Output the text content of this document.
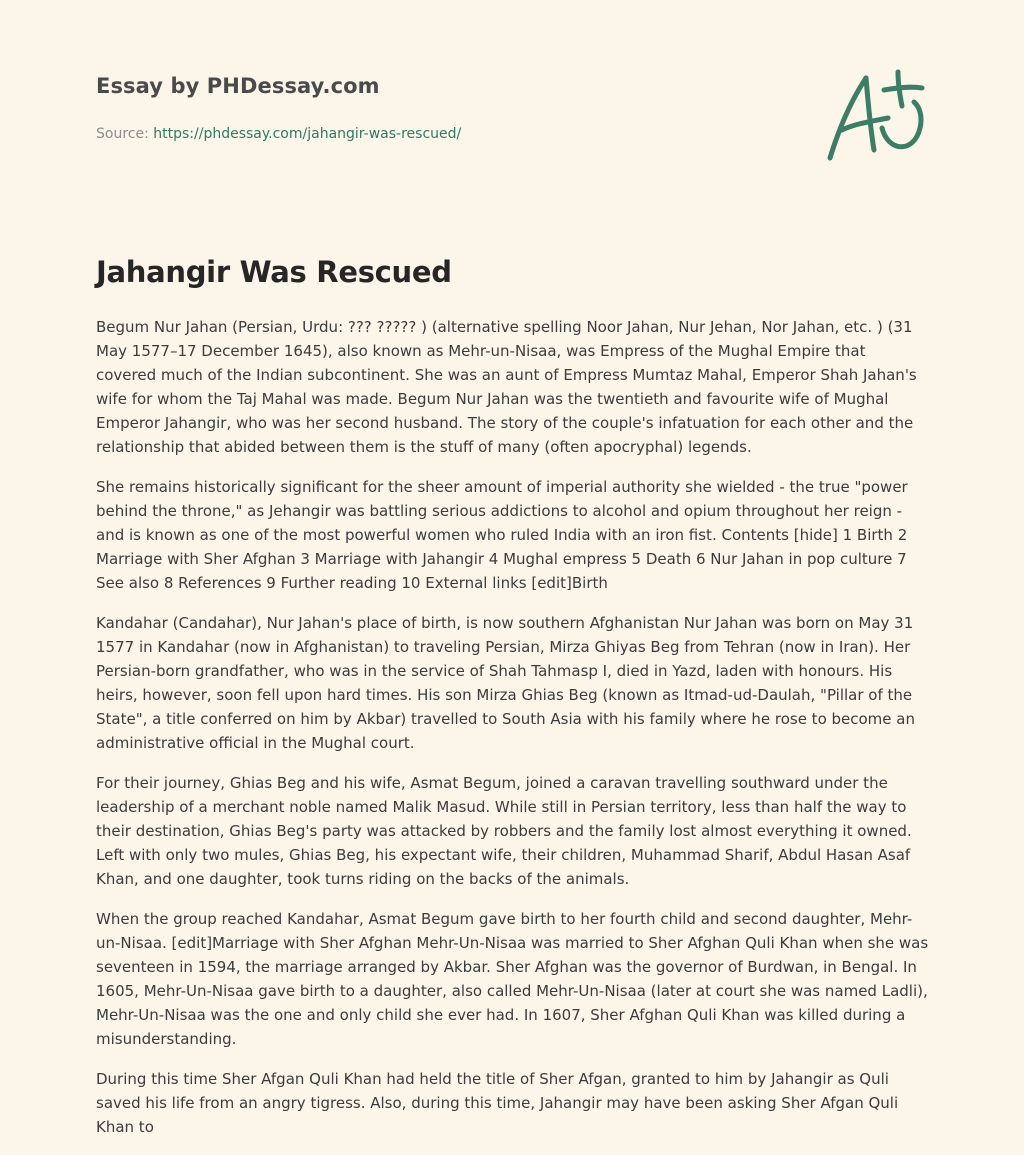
Essay by PHDessay.com
Source: https://phdessay.com/jahangir-was-rescued/
Jahangir Was Rescued

Begum Nur Jahan (Persian, Urdu: ??? ????? ) (alternative spelling Noor Jahan, Nur Jehan, Nor Jahan, etc. ) (31 May 1577–17 December 1645), also known as Mehr-un-Nisaa, was Empress of the Mughal Empire that covered much of the Indian subcontinent. She was an aunt of Empress Mumtaz Mahal, Emperor Shah Jahan's wife for whom the Taj Mahal was made. Begum Nur Jahan was the twentieth and favourite wife of Mughal Emperor Jahangir, who was her second husband. The story of the couple's infatuation for each other and the relationship that abided between them is the stuff of many (often apocryphal) legends.

She remains historically significant for the sheer amount of imperial authority she wielded - the true "power behind the throne," as Jehangir was battling serious addictions to alcohol and opium throughout her reign - and is known as one of the most powerful women who ruled India with an iron fist. Contents [hide] 1 Birth 2 Marriage with Sher Afghan 3 Marriage with Jahangir 4 Mughal empress 5 Death 6 Nur Jahan in pop culture 7 See also 8 References 9 Further reading 10 External links [edit]Birth

Kandahar (Candahar), Nur Jahan's place of birth, is now southern Afghanistan Nur Jahan was born on May 31 1577 in Kandahar (now in Afghanistan) to traveling Persian, Mirza Ghiyas Beg from Tehran (now in Iran). Her Persian-born grandfather, who was in the service of Shah Tahmasp I, died in Yazd, laden with honours. His heirs, however, soon fell upon hard times. His son Mirza Ghias Beg (known as Itmad-ud-Daulah, "Pillar of the State", a title conferred on him by Akbar) travelled to South Asia with his family where he rose to become an administrative official in the Mughal court.

For their journey, Ghias Beg and his wife, Asmat Begum, joined a caravan travelling southward under the leadership of a merchant noble named Malik Masud. While still in Persian territory, less than half the way to their destination, Ghias Beg's party was attacked by robbers and the family lost almost everything it owned. Left with only two mules, Ghias Beg, his expectant wife, their children, Muhammad Sharif, Abdul Hasan Asaf Khan, and one daughter, took turns riding on the backs of the animals.

When the group reached Kandahar, Asmat Begum gave birth to her fourth child and second daughter, Mehr-un-Nisaa. [edit]Marriage with Sher Afghan Mehr-Un-Nisaa was married to Sher Afghan Quli Khan when she was seventeen in 1594, the marriage arranged by Akbar. Sher Afghan was the governor of Burdwan, in Bengal. In 1605, Mehr-Un-Nisaa gave birth to a daughter, also called Mehr-Un-Nisaa (later at court she was named Ladli), Mehr-Un-Nisaa was the one and only child she ever had. In 1607, Sher Afghan Quli Khan was killed during a misunderstanding.

During this time Sher Afgan Quli Khan had held the title of Sher Afgan, granted to him by Jahangir as Quli saved his life from an angry tigress. Also, during this time, Jahangir may have been asking Sher Afgan Quli Khan to
